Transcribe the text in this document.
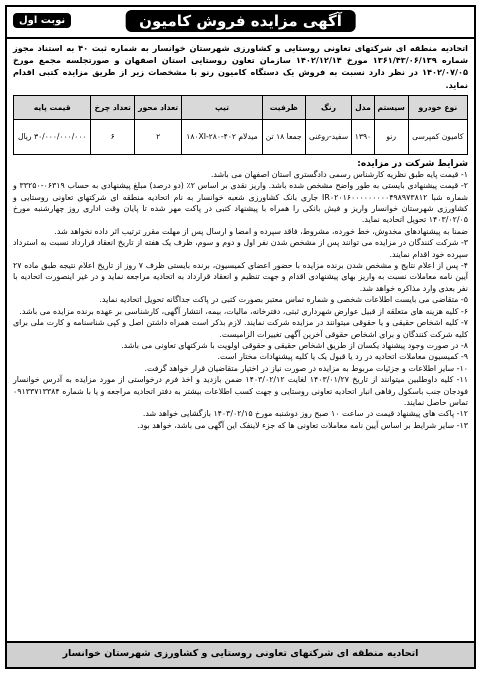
آگهی مزایده فروش کامیون
نوبت اول
اتحادیه منطقه ای شرکتهای تعاونی روستایی و کشاورزی شهرستان خوانسار به شماره ثبت ۴۰ به استناد مجوز شماره ۱۳۶۱/۴۳/۰۶/۱۳۹ مورخ ۱۴۰۲/۱۲/۱۴ سازمان تعاون روستایی استان اصفهان و صورتجلسه مجمع مورخ ۱۴۰۲/۰۷/۰۵ در نظر دارد نسبت به فروش یک دستگاه کامیون رنو با مشخصات زیر از طریق مزایده کتبی اقدام نماید.
نوع خودرو	سیستم	مدل	رنگ	ظرفیت	تیپ	تعداد محور	تعداد چرخ	قیمت پایه
کامیون کمپرسی	رنو	۱۳۹۰	سفید-روغنی	جمعا ۱۸ تن	میدلام ۴۰۲-۱۸۰XI-۲۸۰	۲	۶	۳۰/۰۰۰/۰۰۰/۰۰۰ ریال
شرایط شرکت در مزایده:

۱- قیمت پایه طبق نظریه کارشناس رسمی دادگستری استان اصفهان می باشد.

۲- قیمت پیشنهادی بایستی به طور واضح مشخص شده باشد. واریز نقدی بر اساس ۲٪ (دو درصد) مبلغ پیشنهادی به حساب ۰۶۳۱۹-۳۳۲۵۰ و شماره شبا IR۰۲۰۱۶۰۰۰۰۰۰۰۰۰۴۹۸۹۷۳۸۱۲ جاری بانک کشاورزی شعبه خوانسار به نام اتحادیه منطقه ای شرکتهای تعاونی روستایی و کشاورزی شهرستان خوانسار واریز و فیش بانکی را همراه با پیشنهاد کتبی در پاکت مهر شده تا پایان وقت اداری روز چهارشنبه مورخ ۱۴۰۳/۰۲/۰۵ تحویل اتحادیه نماید.

ضمنا به پیشنهادهای مخدوش، خط خورده، مشروط، فاقد سپرده و امضا و ارسال پس از مهلت مقرر ترتیب اثر داده نخواهد شد.

۳- شرکت کنندگان در مزایده می توانند پس از مشخص شدن نفر اول و دوم و سوم، ظرف یک هفته از تاریخ انعقاد قرارداد نسبت به استرداد سپرده خود اقدام نمایند.

۴- پس از اعلام نتایج و مشخص شدن برنده مزایده با حضور اعضای کمیسیون، برنده بایستی ظرف ۷ روز از تاریخ اعلام نتیجه طبق ماده ۲۷ آیین نامه معاملات نسبت به واریز بهای پیشنهادی اقدام و جهت تنظیم و انعقاد قرارداد به اتحادیه مراجعه نماید و در غیر اینصورت اتحادیه با نفر بعدی وارد مذاکره خواهد شد.

۵- متقاضی می بایست اطلاعات شخصی و شماره تماس معتبر بصورت کتبی در پاکت جداگانه تحویل اتحادیه نماید.

۶- کلیه هزینه های متعلقه از قبیل عوارض شهرداری ثبتی، دفترخانه، مالیات، بیمه، انتشار آگهی، کارشناسی بر عهده برنده مزایده می باشد.

۷- کلیه اشخاص حقیقی و یا حقوقی میتوانند در مزایده شرکت نمایند. لازم بذکر است همراه داشتن اصل و کپی شناسنامه و کارت ملی برای کلیه شرکت کنندگان و برای اشخاص حقوقی آخرین آگهی تغییرات الزامیست.

۸- در صورت وجود پیشنهاد یکسان از طریق اشخاص حقیقی و حقوقی اولویت با شرکتهای تعاونی می باشد.

۹- کمیسیون معاملات اتحادیه در رد یا قبول یک یا کلیه پیشنهادات مختار است.

۱۰- سایر اطلاعات و جزئیات مربوط به مزایده در صورت نیاز در اختیار متقاضیان قرار خواهد گرفت.

۱۱- کلیه داوطلبین میتوانند از تاریخ ۱۴۰۳/۰۱/۲۷ لغایت ۱۴۰۳/۰۲/۱۲ ضمن بازدید و اخذ فرم درخواستی از مورد مزایده به آدرس خوانسار فودجان جنب باسکول رفاهی انبار اتحادیه تعاونی روستایی و جهت کسب اطلاعات بیشتر به دفتر اتحادیه مراجعه و یا با شماره ۰۹۱۳۳۷۱۳۳۸۴ تماس حاصل نمایند.

۱۲- پاکت های پیشنهاد قیمت در ساعت ۱۰ صبح روز دوشنبه مورخ ۱۴۰۳/۰۲/۱۵ بازگشایی خواهد شد.

۱۳- سایر شرایط بر اساس آیین نامه معاملات تعاونی ها که جزء لاینفک این آگهی می باشد، خواهد بود.

اتحادیه منطقه ای شرکتهای تعاونی روستایی و کشاورزی شهرستان خوانسار
